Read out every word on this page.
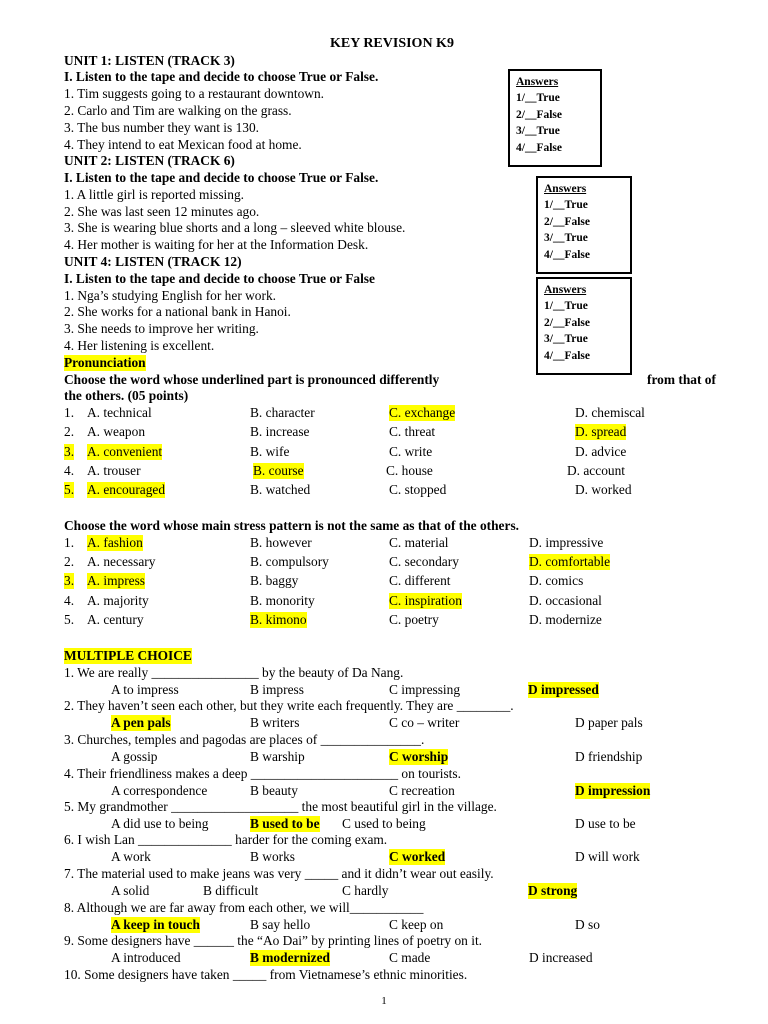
KEY REVISION K9
UNIT 1: LISTEN (TRACK 3)
I. Listen to the tape and decide to choose True or False.
1. Tim suggests going to a restaurant downtown.
2. Carlo and Tim are walking on the grass.
3. The bus number they want is 130.
4. They intend to eat Mexican food at home.
Answers
1/__True
2/__False
3/__True
4/__False
UNIT 2: LISTEN (TRACK 6)
I. Listen to the tape and decide to choose True or False.
1. A little girl is reported missing.
2. She was last seen 12 minutes ago.
3. She is wearing blue shorts and a long – sleeved white blouse.
4. Her mother is waiting for her at the Information Desk.
Answers
1/__True
2/__False
3/__True
4/__False
UNIT 4: LISTEN (TRACK 12)
I. Listen to the tape and decide to choose True or False
1. Nga’s studying English for her work.
2. She works for a national bank in Hanoi.
3. She needs to improve her writing.
4. Her listening is excellent.
Answers
1/__True
2/__False
3/__True
4/__False
Pronunciation
Choose the word whose underlined part is pronounced differently	from that of
the others. (05 points)
1. A. technical	B. character	C. exchange	D. chemiscal
2. A. weapon	B. increase	C. threat	D. spread
3. A. convenient	B. wife	C. write	D. advice
4. A. trouser	B. course	C. house	D. account
5. A. encouraged	B. watched	C. stopped	D. worked
Choose the word whose main stress pattern is not the same as that of the others.
1. A. fashion	B. however	C. material	D. impressive
2. A. necessary	B. compulsory	C. secondary	D. comfortable
3. A. impress	B. baggy	C. different	D. comics
4. A. majority	B. monority	C. inspiration	D. occasional
5. A. century	B. kimono	C. poetry	D. modernize
MULTIPLE CHOICE
1. We are really ________________ by the beauty of Da Nang.
A to impress	B impress	C impressing	D impressed
2. They haven’t seen each other, but they write each frequently. They are ________.
A pen pals	B writers	C co – writer	D paper pals
3. Churches, temples and pagodas are places of _______________.
A gossip	B warship	C worship	D friendship
4. Their friendliness makes a deep ______________________ on tourists.
A correspondence	B beauty	C recreation	D impression
5. My grandmother ___________________ the most beautiful girl in the village.
A did use to being	B used to be C used to being	D use to be
6. I wish Lan ______________ harder for the coming exam.
A work	B works	C worked	D will work
7. The material used to make jeans was very _____ and it didn’t wear out easily.
A solid	B difficult	C hardly	D strong
8. Although we are far away from each other, we will___________
A keep in touch	B say hello	C keep on	D so
9. Some designers have ______ the “Ao Dai” by printing lines of poetry on it.
A introduced	B modernized	C made	D increased
10. Some designers have taken _____ from Vietnamese’s ethnic minorities.
1
